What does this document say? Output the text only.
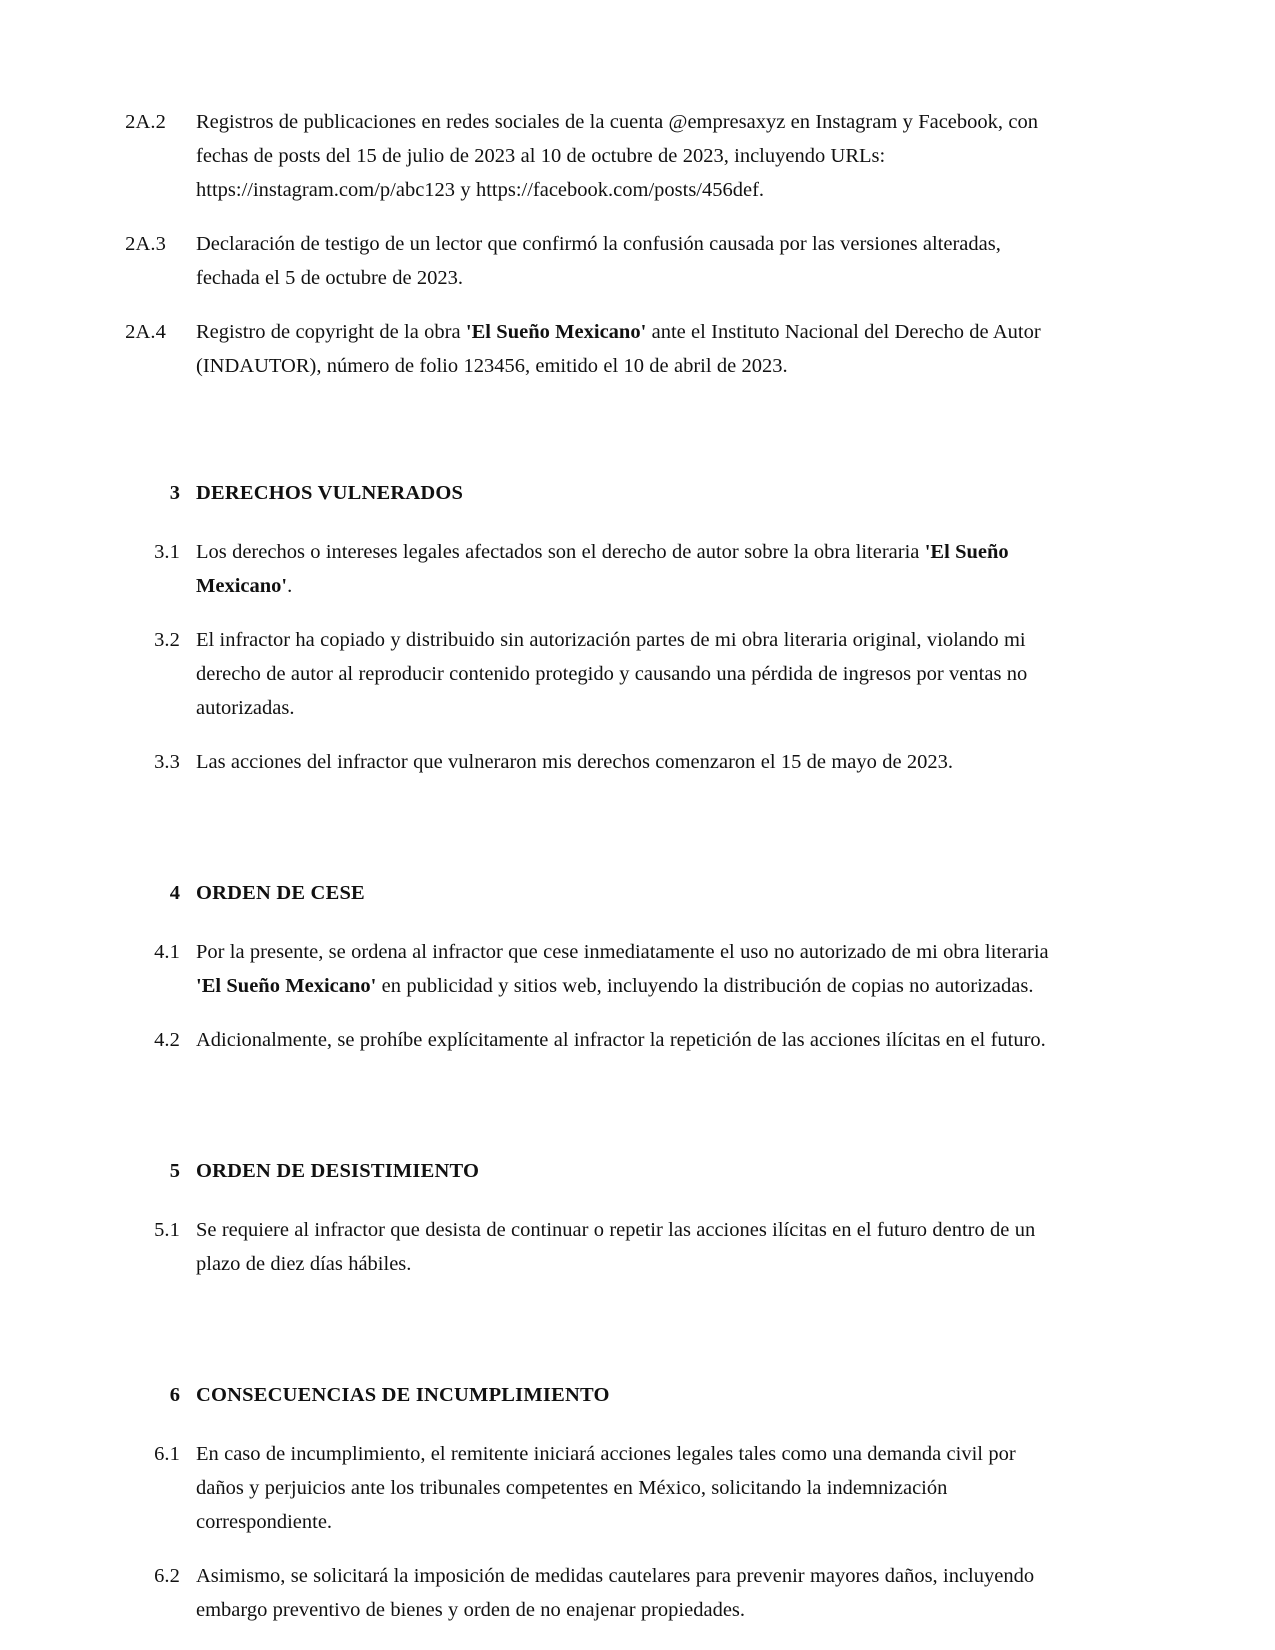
2A.2	Registros de publicaciones en redes sociales de la cuenta @empresaxyz en Instagram y Facebook, con fechas de posts del 15 de julio de 2023 al 10 de octubre de 2023, incluyendo URLs: https://instagram.com/p/abc123 y https://facebook.com/posts/456def.
2A.3	Declaración de testigo de un lector que confirmó la confusión causada por las versiones alteradas, fechada el 5 de octubre de 2023.
2A.4	Registro de copyright de la obra 'El Sueño Mexicano' ante el Instituto Nacional del Derecho de Autor (INDAUTOR), número de folio 123456, emitido el 10 de abril de 2023.
3 DERECHOS VULNERADOS
3.1 Los derechos o intereses legales afectados son el derecho de autor sobre la obra literaria 'El Sueño Mexicano'.
3.2 El infractor ha copiado y distribuido sin autorización partes de mi obra literaria original, violando mi derecho de autor al reproducir contenido protegido y causando una pérdida de ingresos por ventas no autorizadas.
3.3 Las acciones del infractor que vulneraron mis derechos comenzaron el 15 de mayo de 2023.
4 ORDEN DE CESE
4.1 Por la presente, se ordena al infractor que cese inmediatamente el uso no autorizado de mi obra literaria 'El Sueño Mexicano' en publicidad y sitios web, incluyendo la distribución de copias no autorizadas.
4.2 Adicionalmente, se prohíbe explícitamente al infractor la repetición de las acciones ilícitas en el futuro.
5 ORDEN DE DESISTIMIENTO
5.1 Se requiere al infractor que desista de continuar o repetir las acciones ilícitas en el futuro dentro de un plazo de diez días hábiles.
6 CONSECUENCIAS DE INCUMPLIMIENTO
6.1 En caso de incumplimiento, el remitente iniciará acciones legales tales como una demanda civil por daños y perjuicios ante los tribunales competentes en México, solicitando la indemnización correspondiente.
6.2 Asimismo, se solicitará la imposición de medidas cautelares para prevenir mayores daños, incluyendo embargo preventivo de bienes y orden de no enajenar propiedades.
